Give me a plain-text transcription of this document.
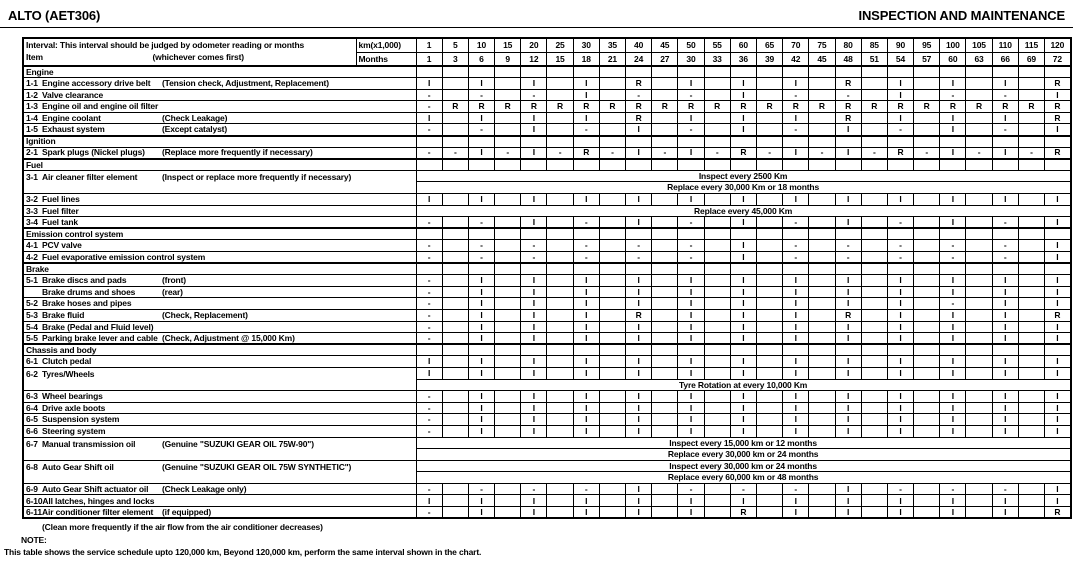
ALTO (AET306)	INSPECTION AND MAINTENANCE
Interval: This interval should be judged by odometer reading or months
Item (whichever comes first)	km(x1,000)	1	5	10	15	20	25	30	35	40	45	50	55	60	65	70	75	80	85	90	95	100	105	110	115	120
	Months	1	3	6	9	12	15	18	21	24	27	30	33	36	39	42	45	48	51	54	57	60	63	66	69	72

Engine																										

1-1 Engine accessory drive belt (Tension check, Adjustment, Replacement)		I		I		I		I		R		I		I		I		R		I		I		I		R

1-2 Valve clearance		-		-		-		I		-		-		I		-		-		I		-		-		I

1-3 Engine oil and engine oil filter		-	R	R	R	R	R	R	R	R	R	R	R	R	R	R	R	R	R	R	R	R	R	R	R	R

1-4 Engine coolant (Check Leakage)		I		I		I		I		R		I		I		I		R		I		I		I		R

1-5 Exhaust system (Except catalyst)		-		-		I		-		I		-		I		-		I		-		I		-		I

Ignition																										

2-1 Spark plugs (Nickel plugs) (Replace more frequently if necessary)		-	-	I	-	I	-	R	-	I	-	I	-	R	-	I	-	I	-	R	-	I	-	I	-	R

Fuel																										

3-1 Air cleaner filter element (Inspect or replace more frequently if necessary)		Inspect every 2500 Km																								
		Replace every 30,000 Km or 18 months																								

3-2 Fuel lines		I		I		I		I		I		I		I		I		I		I		I		I		I

3-3 Fuel filter		Replace every 45,000 Km																								

3-4 Fuel tank		-		-		I		-		I		-		I		-		I		-		I		-		I

Emission control system																										

4-1 PCV valve		-		-		-		-		-		-		I		-		-		-		-		-		I

4-2 Fuel evaporative emission control system		-		-		-		-		-		-		I		-		-		-		-		-		I

Brake																										

5-1 Brake discs and pads (front)		-		I		I		I		I		I		I		I		I		I		I		I		I

Brake drums and shoes (rear)		-		I		I		I		I		I		I		I		I		I		I		I		I

5-2 Brake hoses and pipes		-		I		I		I		I		I		I		I		I		I		-		I		I

5-3 Brake fluid (Check, Replacement)		-		I		I		I		R		I		I		I		R		I		I		I		R

5-4 Brake (Pedal and Fluid level)		-		I		I		I		I		I		I		I		I		I		I		I		I

5-5 Parking brake lever and cable (Check, Adjustment @ 15,000 Km)		-		I		I		I		I		I		I		I		I		I		I		I		I

Chassis and body																										

6-1 Clutch pedal		I		I		I		I		I		I		I		I		I		I		I		I		I

6-2 Tyres/Wheels		I		I		I		I		I		I		I		I		I		I		I		I		I
		Tyre Rotation at every 10,000 Km																								

6-3 Wheel bearings		-		I		I		I		I		I		I		I		I		I		I		I		I

6-4 Drive axle boots		-		I		I		I		I		I		I		I		I		I		I		I		I

6-5 Suspension system		-		I		I		I		I		I		I		I		I		I		I		I		I

6-6 Steering system		-		I		I		I		I		I		I		I		I		I		I		I		I

6-7 Manual transmission oil (Genuine "SUZUKI GEAR OIL 75W-90")		Inspect every 15,000 km or 12 months																								
		Replace every 30,000 km or 24 months																								

6-8 Auto Gear Shift oil (Genuine "SUZUKI GEAR OIL 75W SYNTHETIC")		Inspect every 30,000 km or 24 months																								
		Replace every 60,000 km or 48 months																								

6-9 Auto Gear Shift actuator oil (Check Leakage only)		-		-		-		-		I		-		-		-		I		-		-		-		I

6-10 All latches, hinges and locks		I		I		I		I		I		I		I		I		I		I		I		I		I

6-11 Air conditioner filter element (if equipped)		-		I		I		I		I		I		R		I		I		I		I		I		R
(Clean more frequently if the air flow from the air conditioner decreases)
NOTE:
This table shows the service schedule upto 120,000 km, Beyond 120,000 km, perform the same interval shown in the chart.
